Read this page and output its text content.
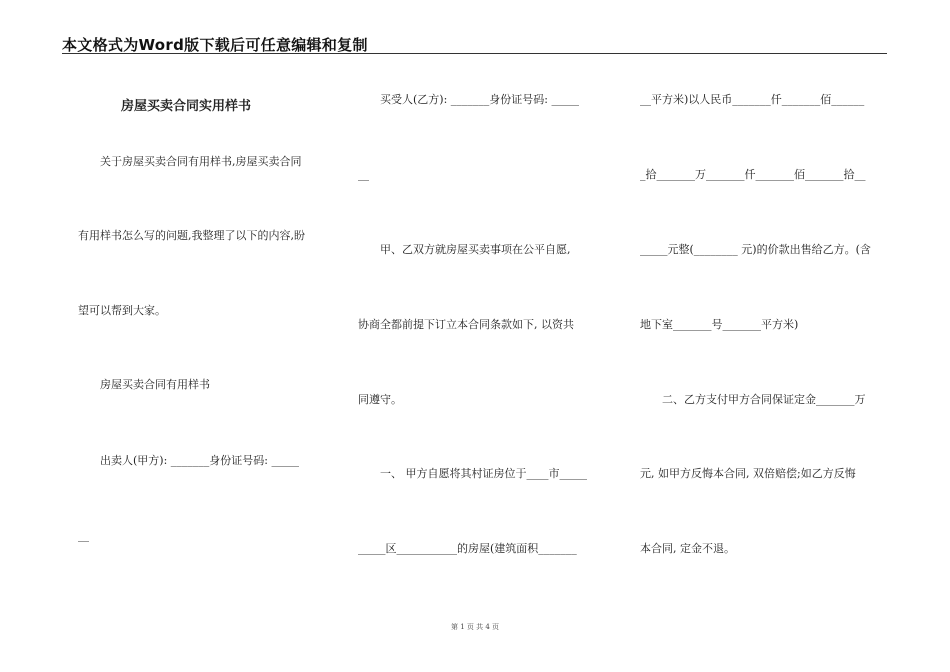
本文格式为Word版下载后可任意编辑和复制
房屋买卖合同实用样书
关于房屋买卖合同有用样书,房屋买卖合同
有用样书怎么写的问题,我整理了以下的内容,盼
望可以帮到大家。
房屋买卖合同有用样书
出卖人(甲方): _______身份证号码: _____
__
买受人(乙方): _______身份证号码: _____
__
甲、乙双方就房屋买卖事项在公平自愿,
协商全都前提下订立本合同条款如下, 以资共
同遵守。
一、 甲方自愿将其村证房位于____市_____
_____区___________的房屋(建筑面积_______
__平方米)以人民币_______仟_______佰______
_拾_______万_______仟_______佰_______拾__
_____元整(________ 元)的价款出售给乙方。(含
地下室_______号_______平方米)
二、乙方支付甲方合同保证定金_______万
元, 如甲方反悔本合同, 双倍赔偿;如乙方反悔
本合同, 定金不退。
第 1 页 共 4 页
